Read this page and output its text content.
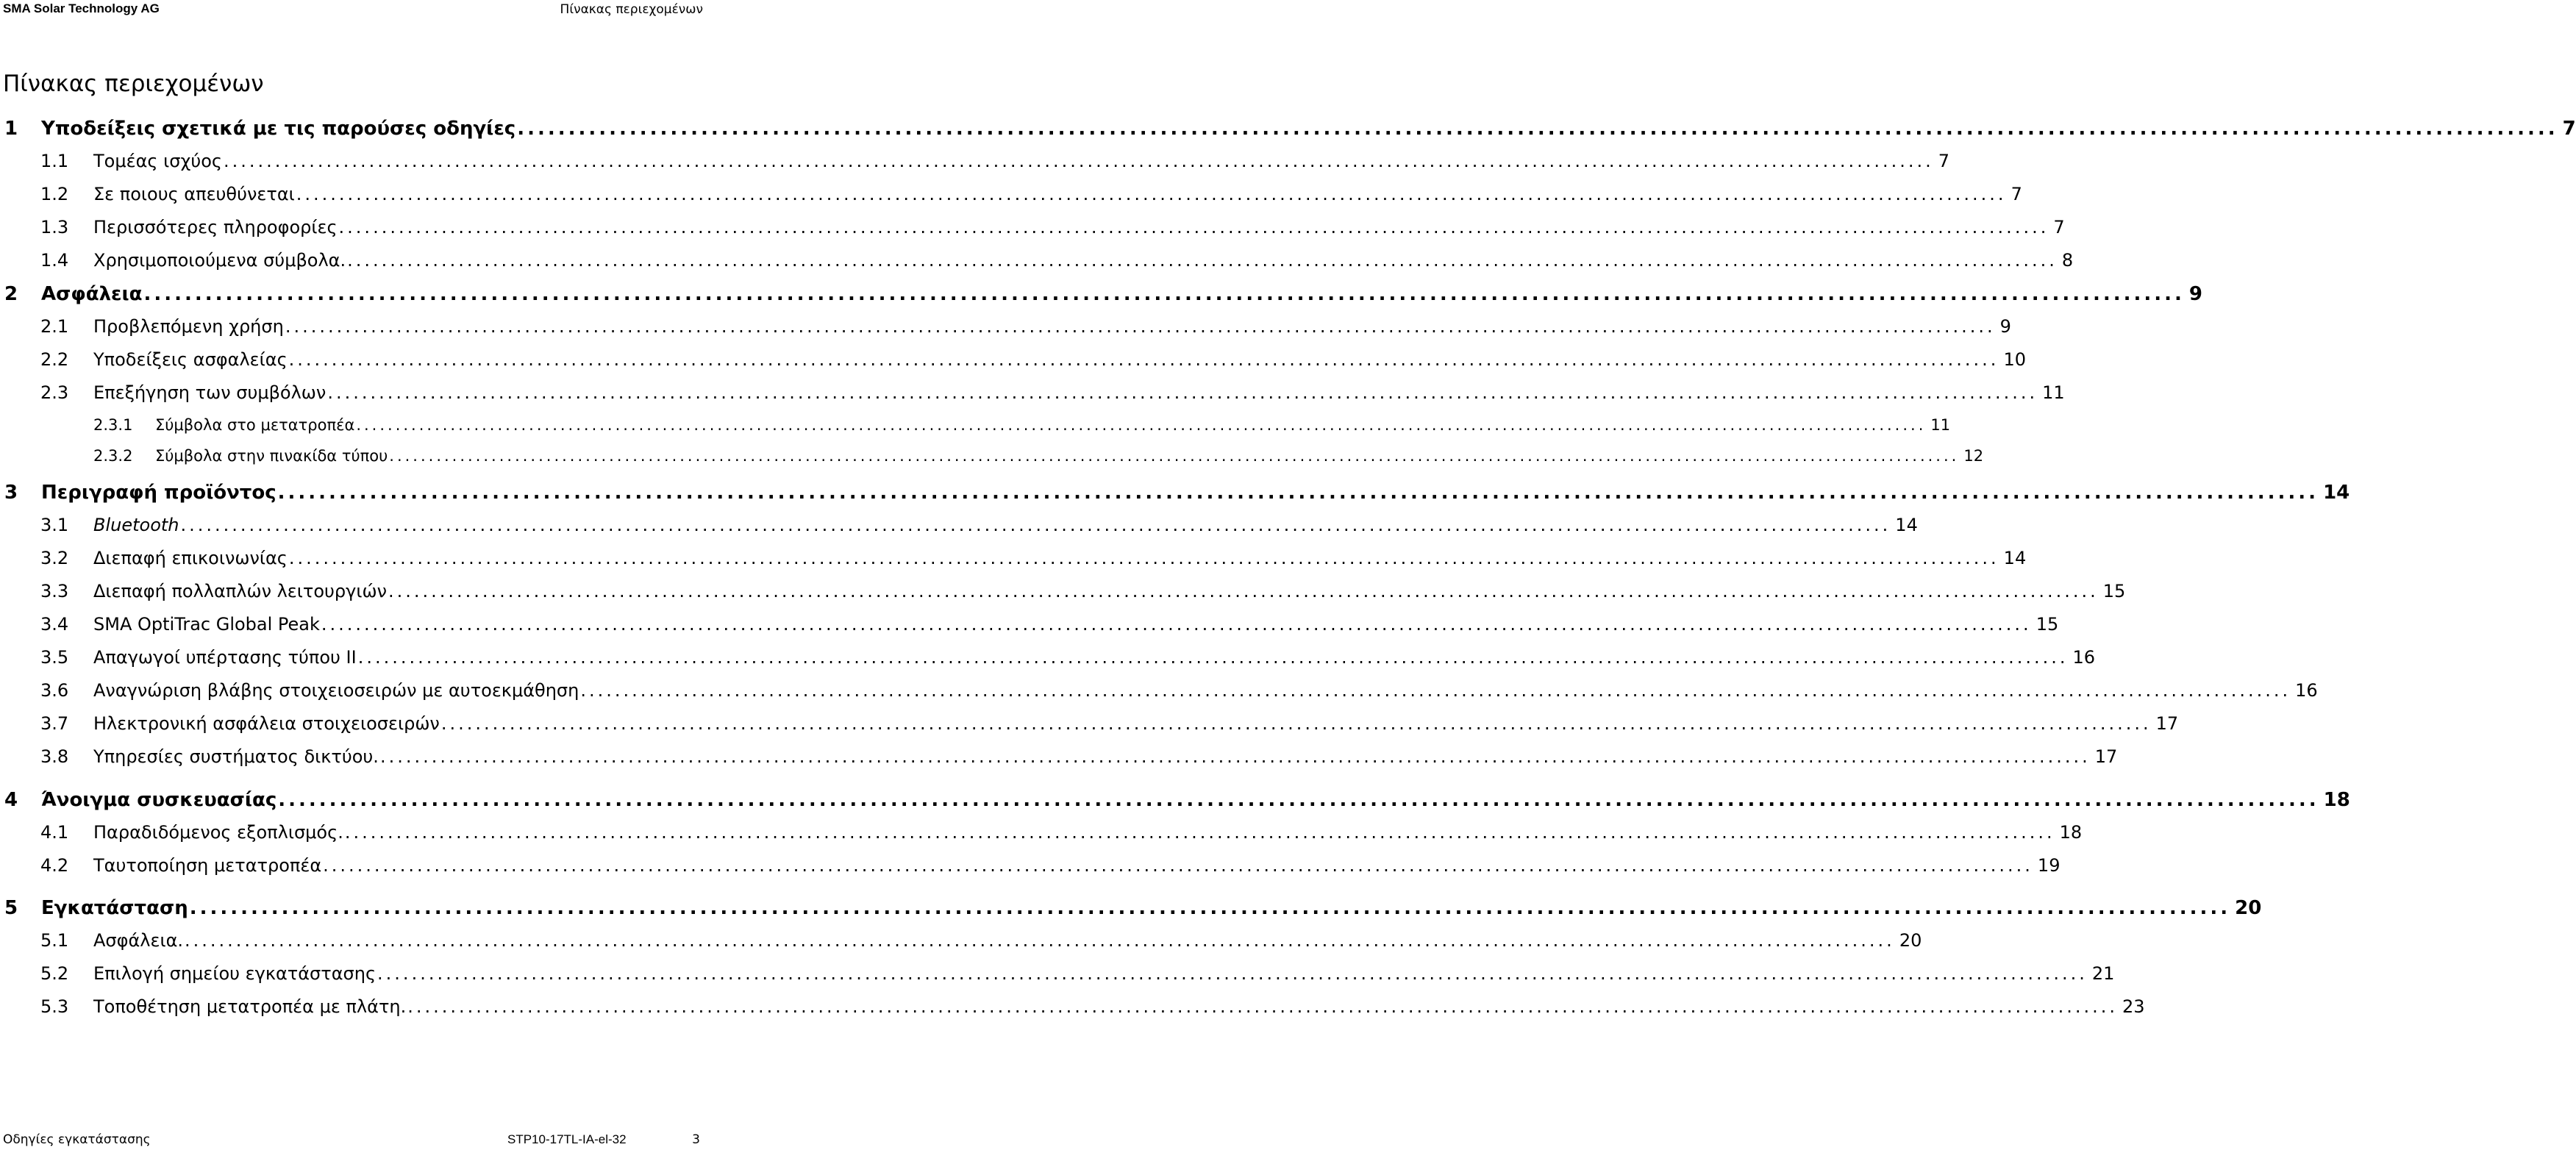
SMA Solar Technology AG	Πίνακας περιεχομένων
Πίνακας περιεχομένων
1 Υποδείξεις σχετικά με τις παρούσες οδηγίες ........................................................................................................................................................................................................ 7
1.1 Τομέας ισχύος ........................................................................................................................................................................................................ 7
1.2 Σε ποιους απευθύνεται ........................................................................................................................................................................................................ 7
1.3 Περισσότερες πληροφορίες ........................................................................................................................................................................................................ 7
1.4 Χρησιμοποιούμενα σύμβολα. ........................................................................................................................................................................................................ 8
2 Ασφάλεια ........................................................................................................................................................................................................ 9
2.1 Προβλεπόμενη χρήση ........................................................................................................................................................................................................ 9
2.2 Υποδείξεις ασφαλείας ........................................................................................................................................................................................................ 10
2.3 Επεξήγηση των συμβόλων ........................................................................................................................................................................................................ 11
2.3.1 Σύμβολα στο μετατροπέα ........................................................................................................................................................................................................ 11
2.3.2 Σύμβολα στην πινακίδα τύπου ........................................................................................................................................................................................................ 12
3 Περιγραφή προϊόντος ........................................................................................................................................................................................................ 14
3.1 Bluetooth ........................................................................................................................................................................................................ 14
3.2 Διεπαφή επικοινωνίας ........................................................................................................................................................................................................ 14
3.3 Διεπαφή πολλαπλών λειτουργιών ........................................................................................................................................................................................................ 15
3.4 SMA OptiTrac Global Peak ........................................................................................................................................................................................................ 15
3.5 Απαγωγοί υπέρτασης τύπου II ........................................................................................................................................................................................................ 16
3.6 Αναγνώριση βλάβης στοιχειοσειρών με αυτοεκμάθηση ........................................................................................................................................................................................................ 16
3.7 Ηλεκτρονική ασφάλεια στοιχειοσειρών ........................................................................................................................................................................................................ 17
3.8 Υπηρεσίες συστήματος δικτύου. ........................................................................................................................................................................................................ 17
4 Άνοιγμα συσκευασίας ........................................................................................................................................................................................................ 18
4.1 Παραδιδόμενος εξοπλισμός. ........................................................................................................................................................................................................ 18
4.2 Ταυτοποίηση μετατροπέα ........................................................................................................................................................................................................ 19
5 Εγκατάσταση ........................................................................................................................................................................................................ 20
5.1 Ασφάλεια. ........................................................................................................................................................................................................ 20
5.2 Επιλογή σημείου εγκατάστασης ........................................................................................................................................................................................................ 21
5.3 Τοποθέτηση μετατροπέα με πλάτη. ........................................................................................................................................................................................................ 23
Οδηγίες εγκατάστασης	STP10-17TL-IA-el-32	3
